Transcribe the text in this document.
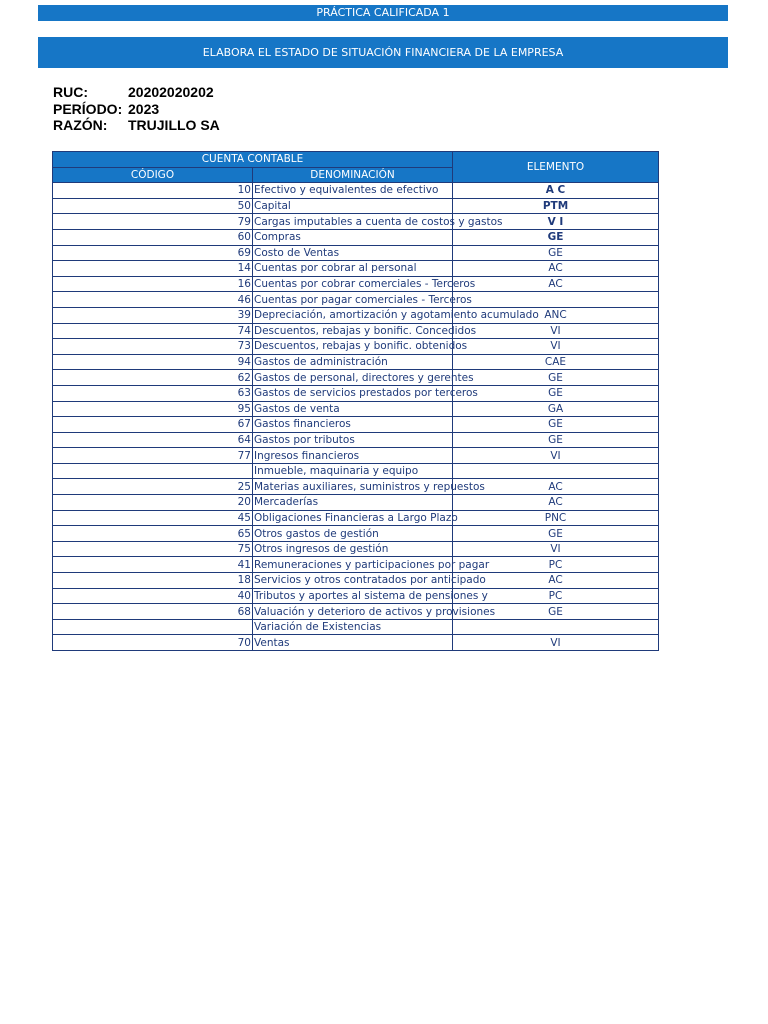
PRÁCTICA CALIFICADA 1
ELABORA EL ESTADO DE SITUACIÓN FINANCIERA DE LA EMPRESA
RUC:	20202020202
PERÍODO: 2023
RAZÓN: TRUJILLO SA
CUENTA CONTABLE		ELEMENTO
CÓDIGO	DENOMINACIÓN	
10	Efectivo y equivalentes de efectivo	A C
50	Capital	PTM
79	Cargas imputables a cuenta de costos y gastos	V I
60	Compras	GE
69	Costo de Ventas	GE
14	Cuentas por cobrar al personal	AC
16	Cuentas por cobrar comerciales - Terceros	AC
46	Cuentas por pagar comerciales - Terceros	
39	Depreciación, amortización y agotamiento acumulado	ANC
74	Descuentos, rebajas y bonific. Concedidos	VI
73	Descuentos, rebajas y bonific. obtenidos	VI
94	Gastos de administración	CAE
62	Gastos de personal, directores y gerentes	GE
63	Gastos de servicios prestados por terceros	GE
95	Gastos de venta	GA
67	Gastos financieros	GE
64	Gastos por tributos	GE
77	Ingresos financieros	VI
	Inmueble, maquinaria y equipo	
25	Materias auxiliares, suministros y repuestos	AC
20	Mercaderías	AC
45	Obligaciones Financieras a Largo Plazo	PNC
65	Otros gastos de gestión	GE
75	Otros ingresos de gestión	VI
41	Remuneraciones y participaciones por pagar	PC
18	Servicios y otros contratados por anticipado	AC
40	Tributos y aportes al sistema de pensiones y	PC
68	Valuación y deterioro de activos y provisiones	GE
	Variación de Existencias	
70	Ventas	VI
